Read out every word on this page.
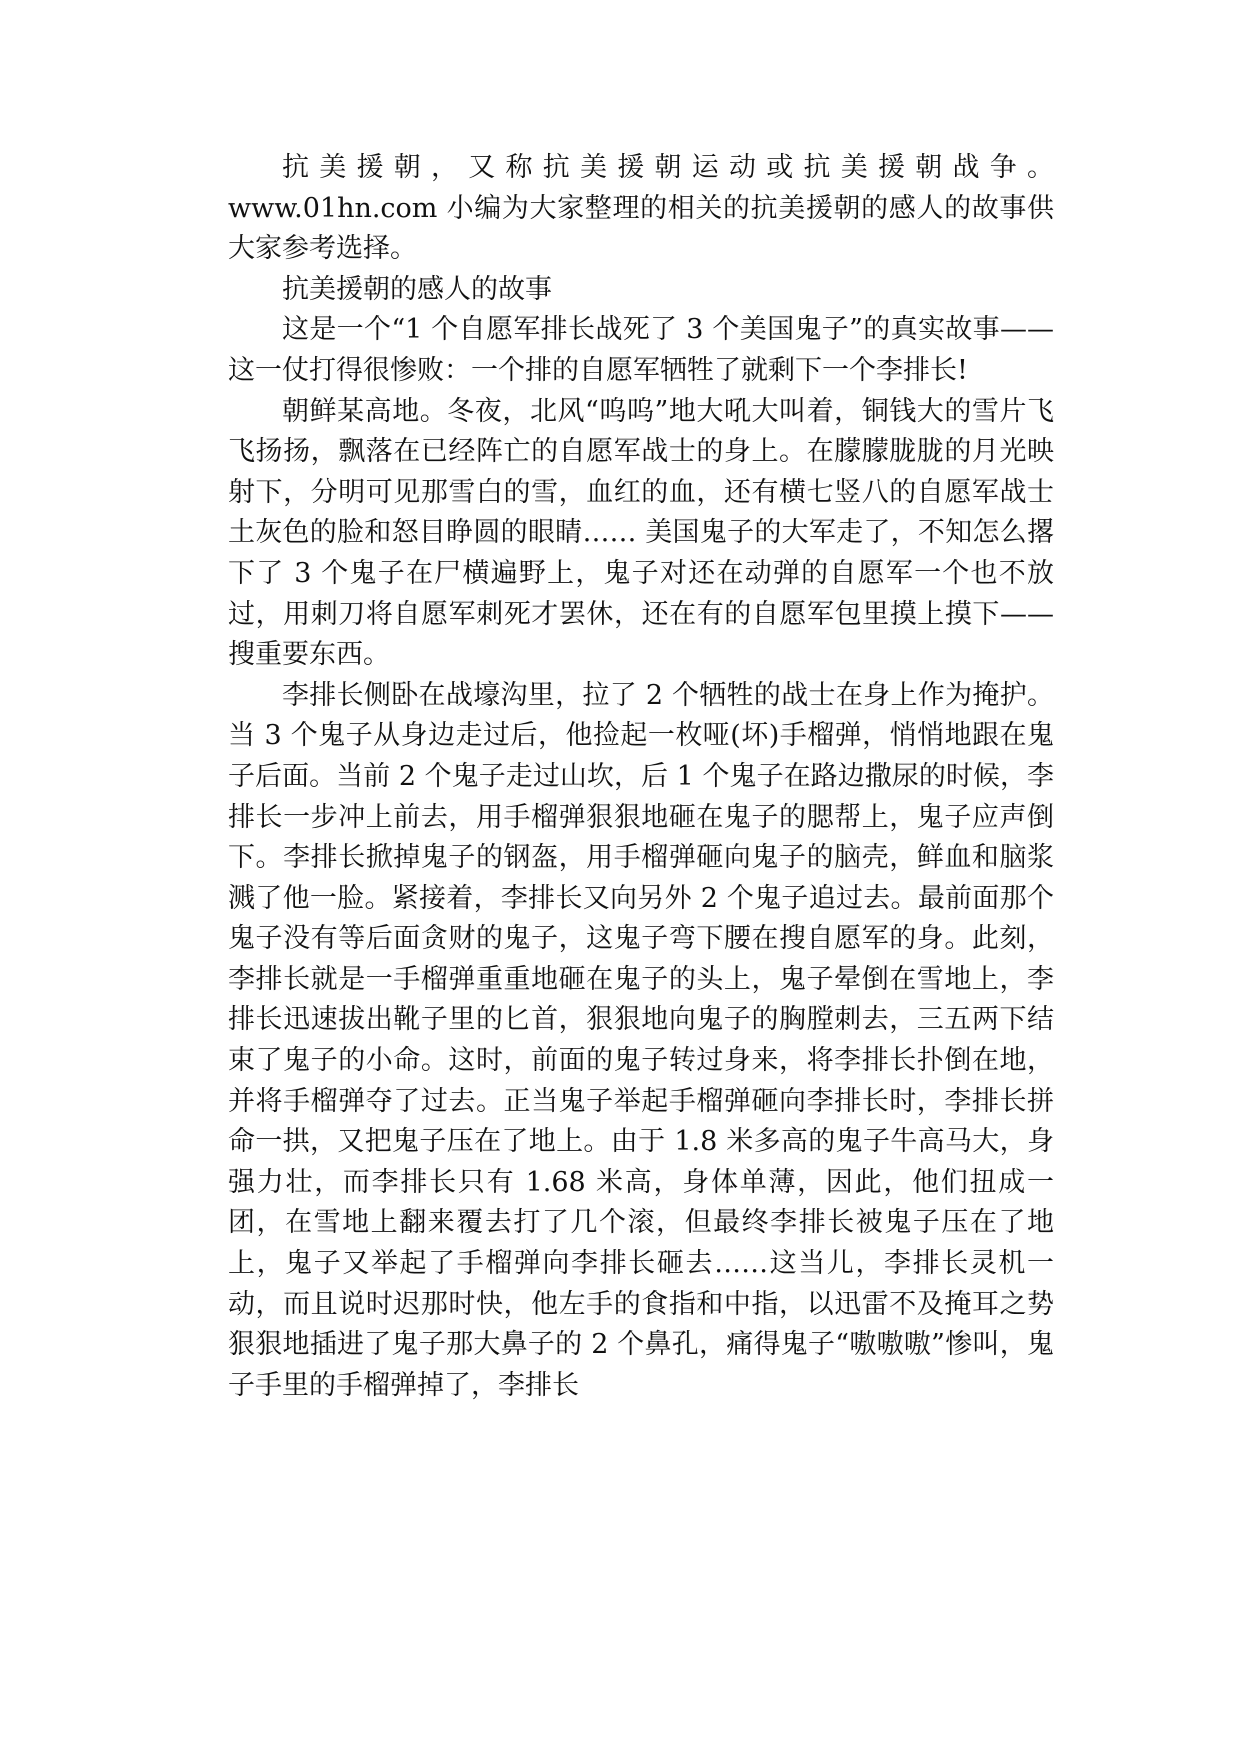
抗美援朝，又称抗美援朝运动或抗美援朝战争。www.01hn.com 小编为大家整理的相关的抗美援朝的感人的故事供大家参考选择。

抗美援朝的感人的故事

这是一个“1 个自愿军排长战死了 3 个美国鬼子”的真实故事—— 这一仗打得很惨败：一个排的自愿军牺牲了就剩下一个李排长!

朝鲜某高地。冬夜，北风“呜呜”地大吼大叫着，铜钱大的雪片飞飞扬扬，飘落在已经阵亡的自愿军战士的身上。在朦朦胧胧的月光映射下，分明可见那雪白的雪，血红的血，还有横七竖八的自愿军战士土灰色的脸和怒目睁圆的眼睛…… 美国鬼子的大军走了，不知怎么撂下了 3 个鬼子在尸横遍野上，鬼子对还在动弹的自愿军一个也不放过，用刺刀将自愿军刺死才罢休，还在有的自愿军包里摸上摸下——搜重要东西。

李排长侧卧在战壕沟里，拉了 2 个牺牲的战士在身上作为掩护。当 3 个鬼子从身边走过后，他捡起一枚哑(坏)手榴弹，悄悄地跟在鬼子后面。当前 2 个鬼子走过山坎，后 1 个鬼子在路边撒尿的时候，李排长一步冲上前去，用手榴弹狠狠地砸在鬼子的腮帮上，鬼子应声倒下。李排长掀掉鬼子的钢盔，用手榴弹砸向鬼子的脑壳，鲜血和脑浆溅了他一脸。紧接着，李排长又向另外 2 个鬼子追过去。最前面那个鬼子没有等后面贪财的鬼子，这鬼子弯下腰在搜自愿军的身。此刻，李排长就是一手榴弹重重地砸在鬼子的头上，鬼子晕倒在雪地上，李排长迅速拔出靴子里的匕首，狠狠地向鬼子的胸膛刺去，三五两下结束了鬼子的小命。这时，前面的鬼子转过身来，将李排长扑倒在地，并将手榴弹夺了过去。正当鬼子举起手榴弹砸向李排长时，李排长拼命一拱，又把鬼子压在了地上。由于 1.8 米多高的鬼子牛高马大，身强力壮，而李排长只有 1.68 米高，身体单薄，因此，他们扭成一团，在雪地上翻来覆去打了几个滚，但最终李排长被鬼子压在了地上，鬼子又举起了手榴弹向李排长砸去……这当儿，李排长灵机一动，而且说时迟那时快，他左手的食指和中指，以迅雷不及掩耳之势狠狠地插进了鬼子那大鼻子的 2 个鼻孔，痛得鬼子“嗷嗷嗷”惨叫，鬼子手里的手榴弹掉了，李排长
